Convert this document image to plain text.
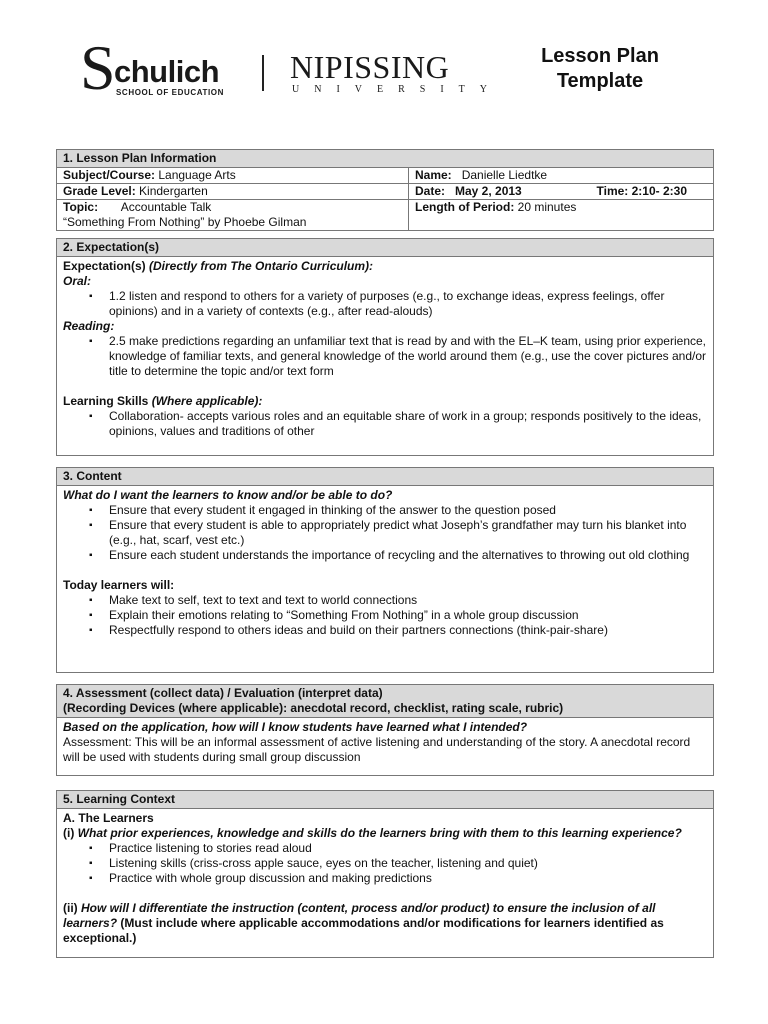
S
chulich
SCHOOL OF EDUCATION
NIPISSING
UNIVERSITY
Lesson Plan
Template
1. Lesson Plan Information
Subject/Course: Language Arts	Name:   Danielle Liedtke
Grade Level: Kindergarten	Date:   May 2, 2013 Time: 2:10- 2:30

Topic:       Accountable Talk
“Something From Nothing” by Phoebe Gilman	Length of Period: 20 minutes
2. Expectation(s)
Expectation(s) (Directly from The Ontario Curriculum):
Oral:
▪ 1.2 listen and respond to others for a variety of purposes (e.g., to exchange ideas, express feelings, offer opinions) and in a variety of contexts (e.g., after read-alouds)
Reading:
▪ 2.5 make predictions regarding an unfamiliar text that is read by and with the EL–K team, using prior experience, knowledge of familiar texts, and general knowledge of the world around them (e.g., use the cover pictures and/or title to determine the topic and/or text form
Learning Skills (Where applicable):
▪ Collaboration- accepts various roles and an equitable share of work in a group; responds positively to the ideas, opinions, values and traditions of other
3. Content
What do I want the learners to know and/or be able to do?
▪ Ensure that every student it engaged in thinking of the answer to the question posed
▪ Ensure that every student is able to appropriately predict what Joseph’s grandfather may turn his blanket into (e.g., hat, scarf, vest etc.)
▪ Ensure each student understands the importance of recycling and the alternatives to throwing out old clothing
Today learners will:
▪ Make text to self, text to text and text to world connections
▪ Explain their emotions relating to “Something From Nothing” in a whole group discussion
▪ Respectfully respond to others ideas and build on their partners connections (think-pair-share)
4. Assessment (collect data) / Evaluation (interpret data)
(Recording Devices (where applicable): anecdotal record, checklist, rating scale, rubric)
Based on the application, how will I know students have learned what I intended?
Assessment: This will be an informal assessment of active listening and understanding of the story. A anecdotal record will be used with students during small group discussion
5. Learning Context
A. The Learners
(i) What prior experiences, knowledge and skills do the learners bring with them to this learning experience?
▪ Practice listening to stories read aloud
▪ Listening skills (criss-cross apple sauce, eyes on the teacher, listening and quiet)
▪ Practice with whole group discussion and making predictions
(ii) How will I differentiate the instruction (content, process and/or product) to ensure the inclusion of all learners? (Must include where applicable accommodations and/or modifications for learners identified as exceptional.)
